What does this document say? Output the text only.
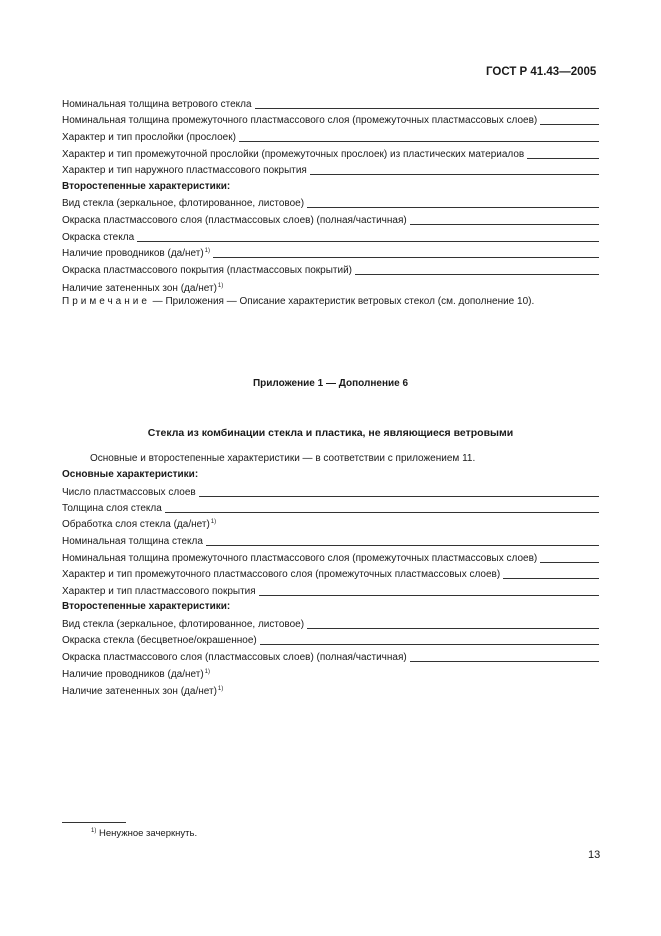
ГОСТ Р 41.43—2005
Номинальная толщина ветрового стекла
Номинальная толщина промежуточного пластмассового слоя (промежуточных пластмассовых слоев)
Характер и тип прослойки (прослоек)
Характер и тип промежуточной прослойки (промежуточных прослоек) из пластических материалов
Характер и тип наружного пластмассового покрытия
Второстепенные характеристики:
Вид стекла (зеркальное, флотированное, листовое)
Окраска пластмассового слоя (пластмассовых слоев) (полная/частичная)
Окраска стекла
Наличие проводников (да/нет)$^{1)}$
Окраска пластмассового покрытия (пластмассовых покрытий)
Наличие затененных зон (да/нет)$^{1)}$
Примечание — Приложения — Описание характеристик ветровых стекол (см. дополнение 10).
Приложение 1 — Дополнение 6
Стекла из комбинации стекла и пластика, не являющиеся ветровыми
Основные и второстепенные характеристики — в соответствии с приложением 11.
Основные характеристики:
Число пластмассовых слоев
Толщина слоя стекла
Обработка слоя стекла (да/нет)$^{1)}$
Номинальная толщина стекла
Номинальная толщина промежуточного пластмассового слоя (промежуточных пластмассовых слоев)
Характер и тип промежуточного пластмассового слоя (промежуточных пластмассовых слоев)
Характер и тип пластмассового покрытия
Второстепенные характеристики:
Вид стекла (зеркальное, флотированное, листовое)
Окраска стекла (бесцветное/окрашенное)
Окраска пластмассового слоя (пластмассовых слоев) (полная/частичная)
Наличие проводников (да/нет)$^{1)}$
Наличие затененных зон (да/нет)$^{1)}$
$^{1)}$ Ненужное зачеркнуть.
13
